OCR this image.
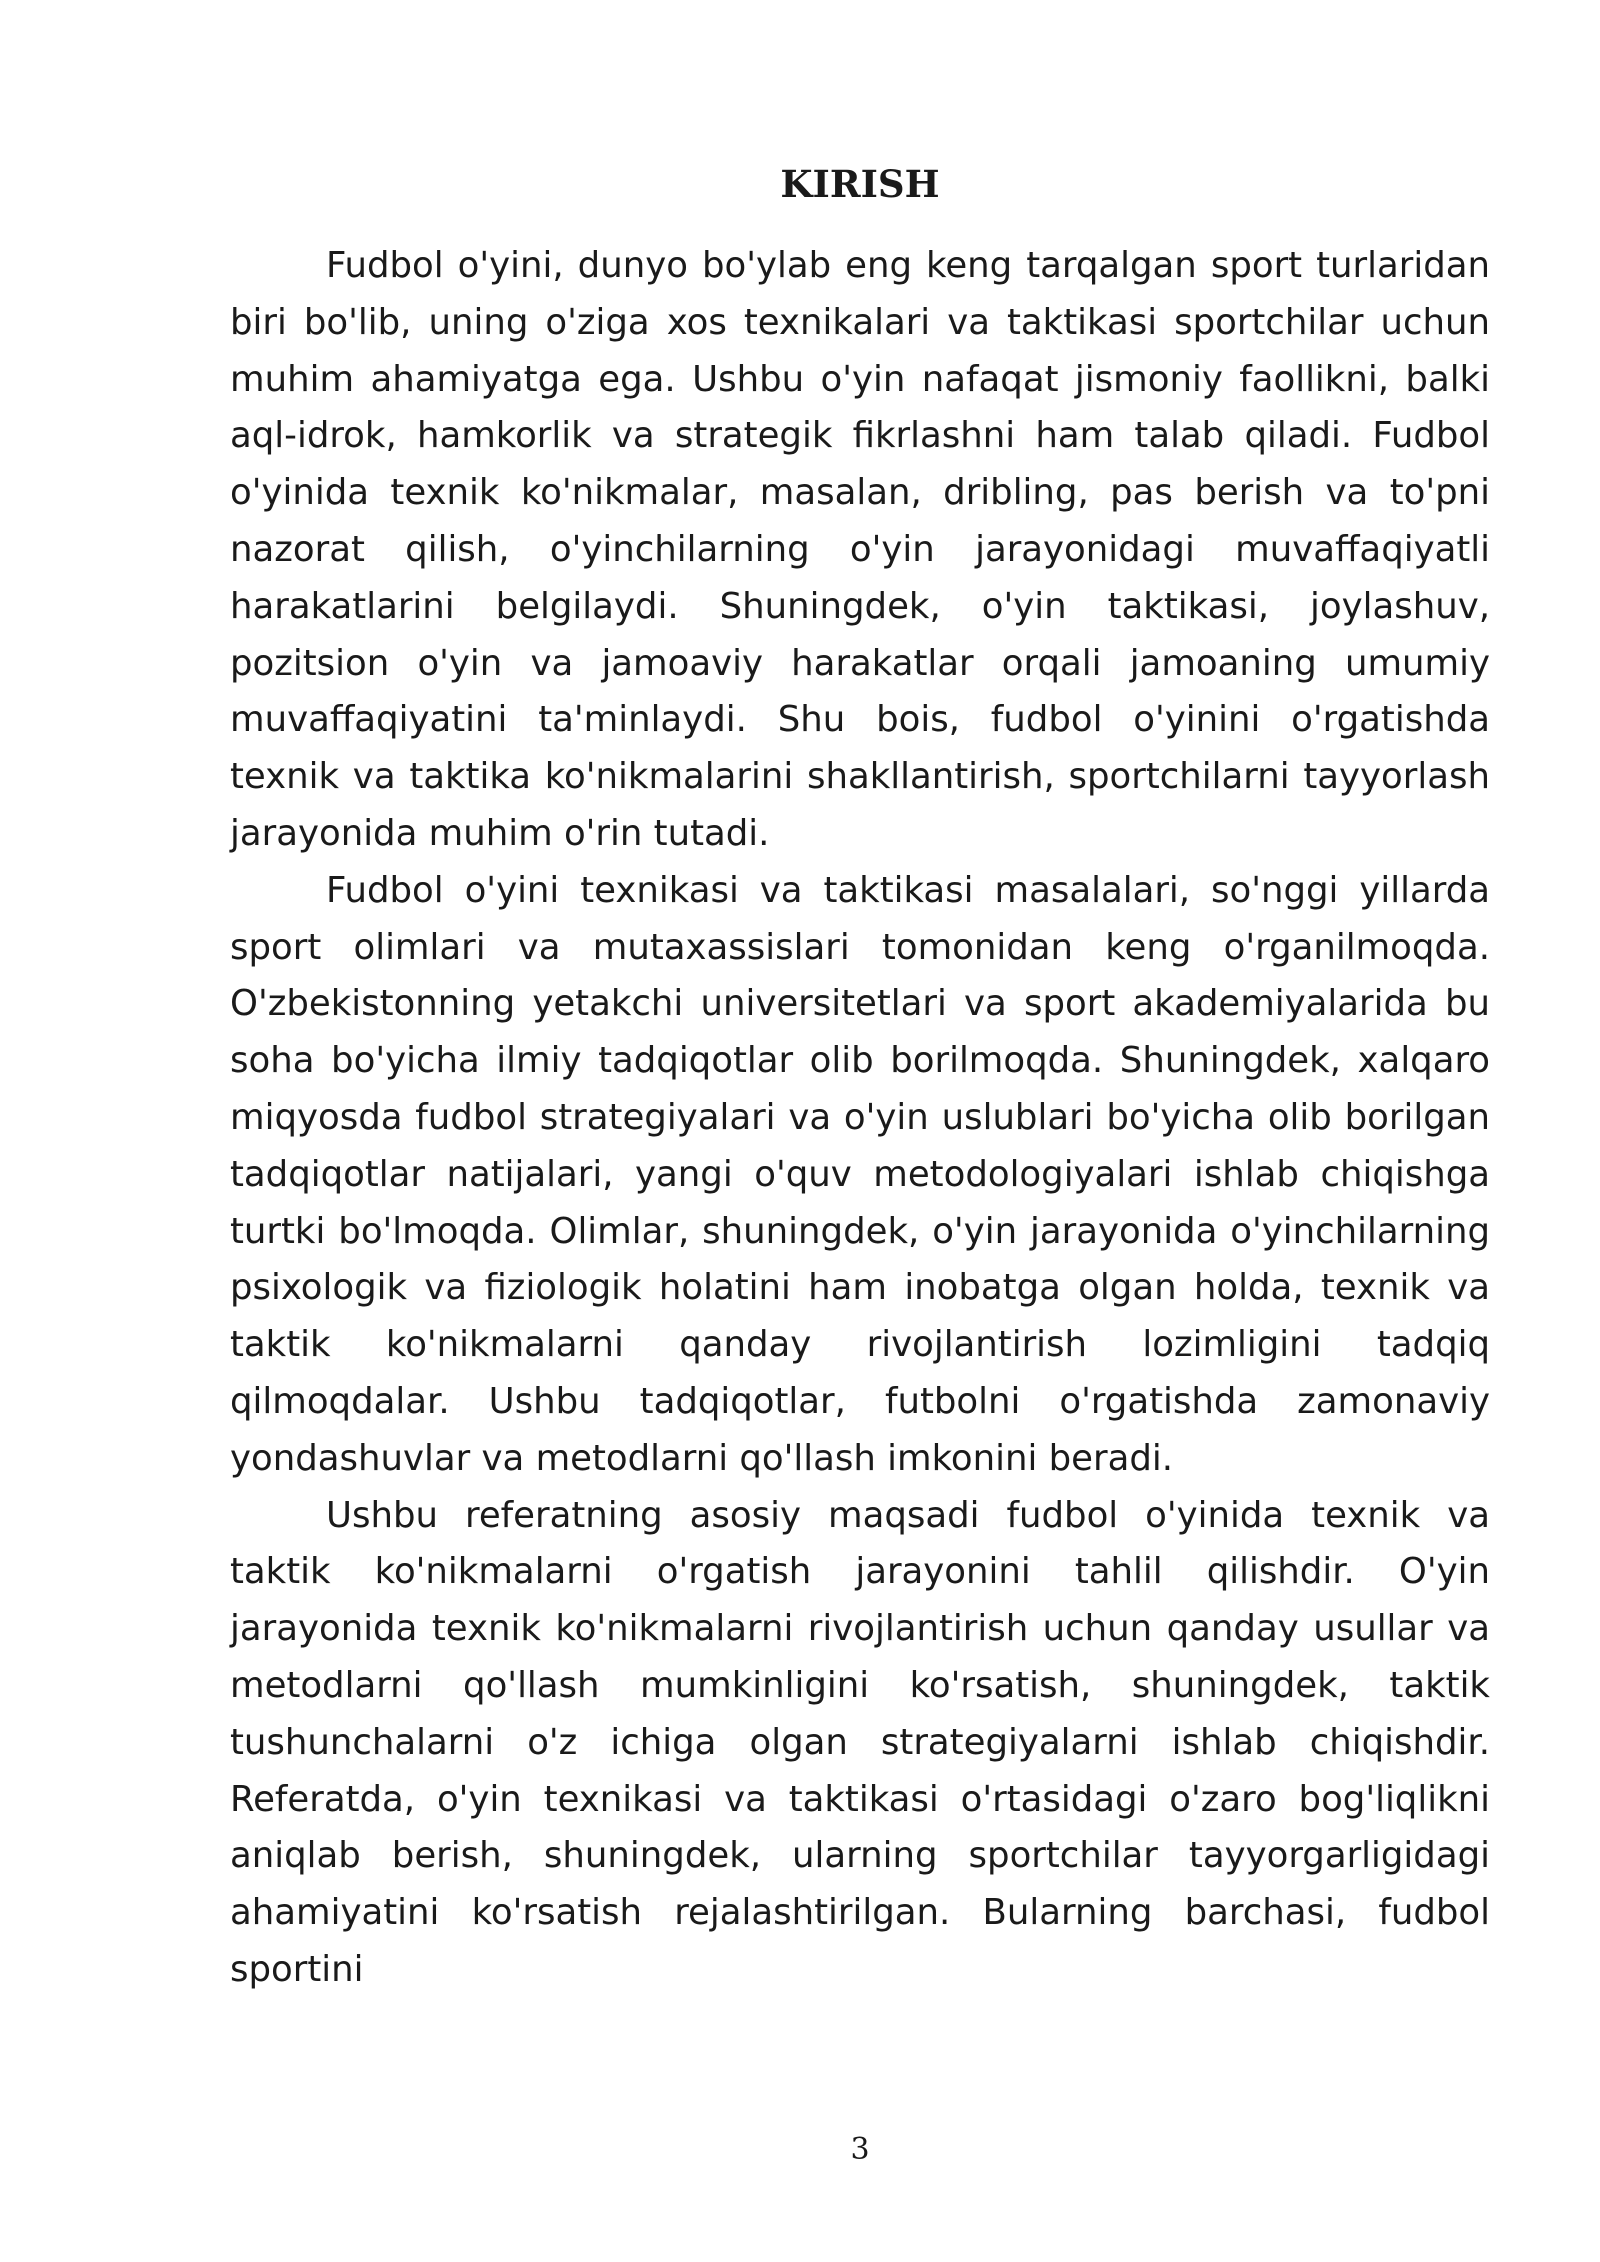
KIRISH

Fudbol o'yini, dunyo bo'ylab eng keng tarqalgan sport turlaridan biri bo'lib, uning o'ziga xos texnikalari va taktikasi sportchilar uchun muhim ahamiyatga ega. Ushbu o'yin nafaqat jismoniy faollikni, balki aql-idrok, hamkorlik va strategik fikrlashni ham talab qiladi. Fudbol o'yinida texnik ko'nikmalar, masalan, dribling, pas berish va to'pni nazorat qilish, o'yinchilarning o'yin jarayonidagi muvaffaqiyatli harakatlarini belgilaydi. Shuningdek, o'yin taktikasi, joylashuv, pozitsion o'yin va jamoaviy harakatlar orqali jamoaning umumiy muvaffaqiyatini ta'minlaydi. Shu bois, fudbol o'yinini o'rgatishda texnik va taktika ko'nikmalarini shakllantirish, sportchilarni tayyorlash jarayonida muhim o'rin tutadi.

Fudbol o'yini texnikasi va taktikasi masalalari, so'nggi yillarda sport olimlari va mutaxassislari tomonidan keng o'rganilmoqda. O'zbekistonning yetakchi universitetlari va sport akademiyalarida bu soha bo'yicha ilmiy tadqiqotlar olib borilmoqda. Shuningdek, xalqaro miqyosda fudbol strategiyalari va o'yin uslublari bo'yicha olib borilgan tadqiqotlar natijalari, yangi o'quv metodologiyalari ishlab chiqishga turtki bo'lmoqda. Olimlar, shuningdek, o'yin jarayonida o'yinchilarning psixologik va fiziologik holatini ham inobatga olgan holda, texnik va taktik ko'nikmalarni qanday rivojlantirish lozimligini tadqiq qilmoqdalar. Ushbu tadqiqotlar, futbolni o'rgatishda zamonaviy yondashuvlar va metodlarni qo'llash imkonini beradi.

Ushbu referatning asosiy maqsadi fudbol o'yinida texnik va taktik ko'nikmalarni o'rgatish jarayonini tahlil qilishdir. O'yin jarayonida texnik ko'nikmalarni rivojlantirish uchun qanday usullar va metodlarni qo'llash mumkinligini ko'rsatish, shuningdek, taktik tushunchalarni o'z ichiga olgan strategiyalarni ishlab chiqishdir. Referatda, o'yin texnikasi va taktikasi o'rtasidagi o'zaro bog'liqlikni aniqlab berish, shuningdek, ularning sportchilar tayyorgarligidagi ahamiyatini ko'rsatish rejalashtirilgan. Bularning barchasi, fudbol sportini

3
